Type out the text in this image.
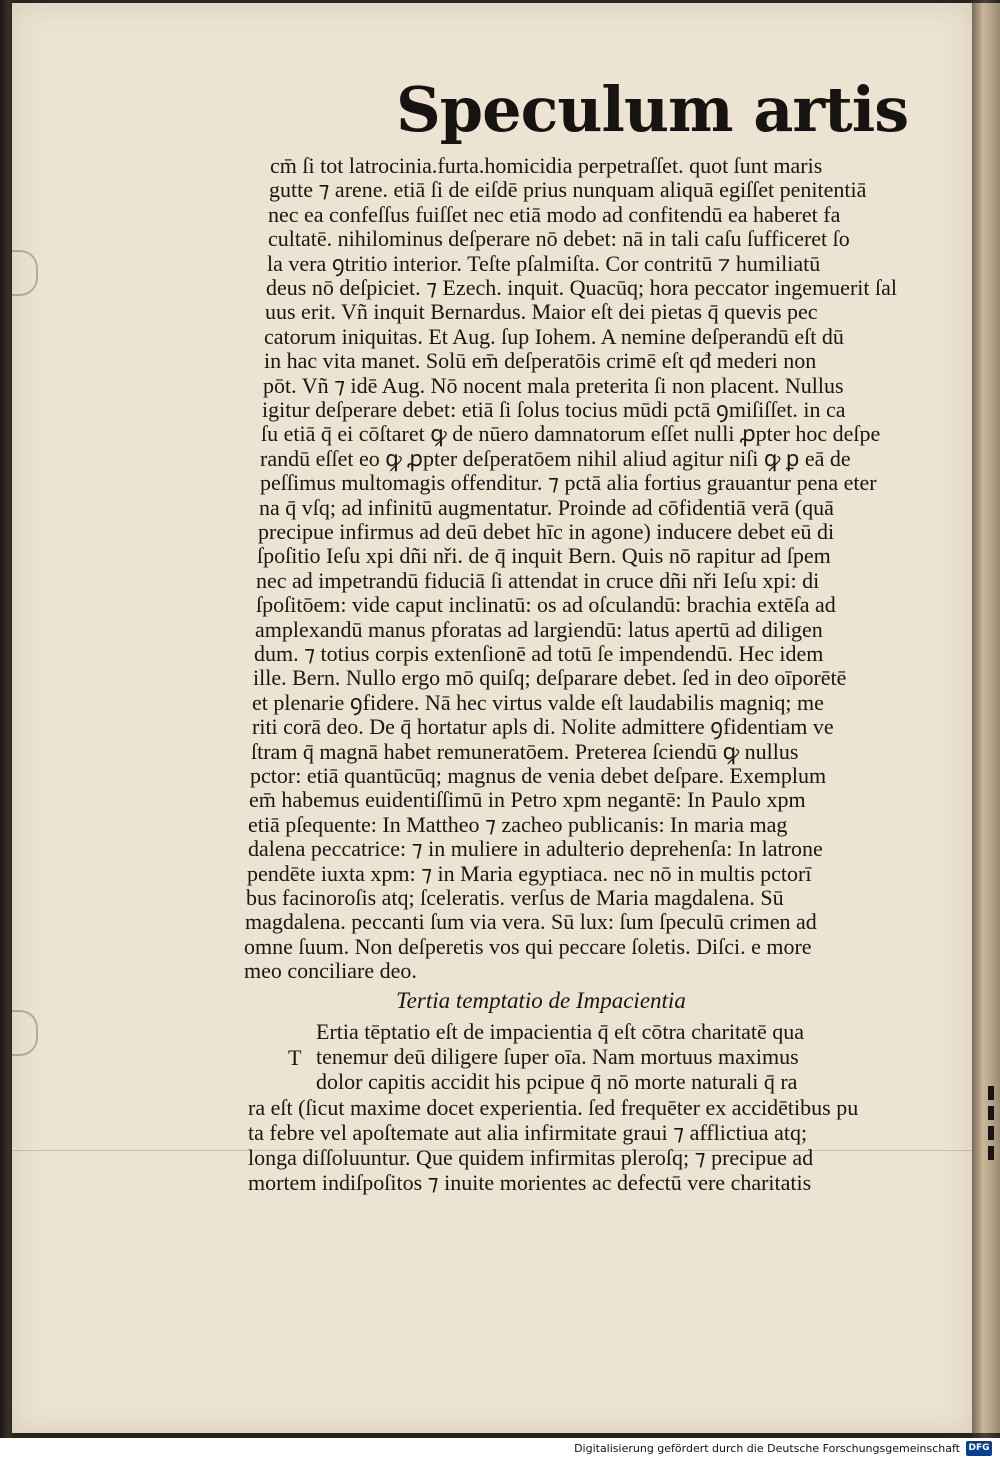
Speculum artis
cm̄ ſi tot latrocinia.furta.homicidia perpetraſſet. quot ſunt maris
gutte ⁊ arene. etiā ſi de eiſdē prius nunquam aliquā egiſſet penitentiā
nec ea confeſſus fuiſſet nec etiā modo ad confitendū ea haberet fa
cultatē. nihilominus deſperare nō debet: nā in tali caſu ſufficeret ſo
la vera ꝯtritio interior. Teſte pſalmiſta. Cor contritū ⁊ humiliatū
deus nō deſpiciet. ⁊ Ezech. inquit. Quacūq; hora peccator ingemuerit ſal
uus erit. Vñ inquit Bernardus. Maior eſt dei pietas q̄ quevis pec
catorum iniquitas. Et Aug. ſup Iohem. A nemine deſperandū eſt dū
in hac vita manet. Solū em̄ deſperatōis crimē eſt qđ mederi non
pōt. Vñ ⁊ idē Aug. Nō nocent mala preterita ſi non placent. Nullus
igitur deſperare debet: etiā ſi ſolus tocius mūdi pctā ꝯmiſiſſet. in ca
ſu etiā q̄ ei cōſtaret ꝙ de nūero damnatorum eſſet nulli ꝓpter hoc deſpe
randū eſſet eo ꝙ ꝓpter deſperatōem nihil aliud agitur niſi ꝙ ꝑ eā de
peſſimus multomagis offenditur. ⁊ pctā alia fortius grauantur pena eter
na q̄ vſq; ad infinitū augmentatur. Proinde ad cōfidentiā verā (quā
precipue infirmus ad deū debet hīc in agone) inducere debet eū di
ſpoſitio Ieſu xpi dñi nři. de q̄ inquit Bern. Quis nō rapitur ad ſpem
nec ad impetrandū fiduciā ſi attendat in cruce dñi nři Ieſu xpi: di
ſpoſitōem: vide caput inclinatū: os ad oſculandū: brachia extēſa ad
amplexandū manus pforatas ad largiendū: latus apertū ad diligen
dum. ⁊ totius corpis extenſionē ad totū ſe impendendū. Hec idem
ille. Bern. Nullo ergo mō quiſq; deſparare debet. ſed in deo oīporētē
et plenarie ꝯfidere. Nā hec virtus valde eſt laudabilis magniq; me
riti corā deo. De q̄ hortatur apls di. Nolite admittere ꝯfidentiam ve
ſtram q̄ magnā habet remuneratōem. Preterea ſciendū ꝙ nullus
pctor: etiā quantūcūq; magnus de venia debet deſpare. Exemplum
em̄ habemus euidentiſſimū in Petro xpm negantē: In Paulo xpm
etiā pſequente: In Mattheo ⁊ zacheo publicanis: In maria mag
dalena peccatrice: ⁊ in muliere in adulterio deprehenſa: In latrone
pendēte iuxta xpm: ⁊ in Maria egyptiaca. nec nō in multis pctorī
bus facinoroſis atq; ſceleratis. verſus de Maria magdalena. Sū
magdalena. peccanti ſum via vera. Sū lux: ſum ſpeculū crimen ad
omne ſuum. Non deſperetis vos qui peccare ſoletis. Diſci. e more
meo conciliare deo.
Tertia temptatio de Impacientia
T
Ertia tēptatio eſt de impacientia q̄ eſt cōtra charitatē qua
tenemur deū diligere ſuper oīa. Nam mortuus maximus
dolor capitis accidit his pcipue q̄ nō morte naturali q̄ ra
ra eſt (ſicut maxime docet experientia. ſed frequēter ex accidētibus pu
ta febre vel apoſtemate aut alia infirmitate graui ⁊ afflictiua atq;
longa diſſoluuntur. Que quidem infirmitas pleroſq; ⁊ precipue ad
mortem indiſpoſitos ⁊ inuite morientes ac defectū vere charitatis
Digitalisierung gefördert durch die Deutsche Forschungsgemeinschaft DFG
